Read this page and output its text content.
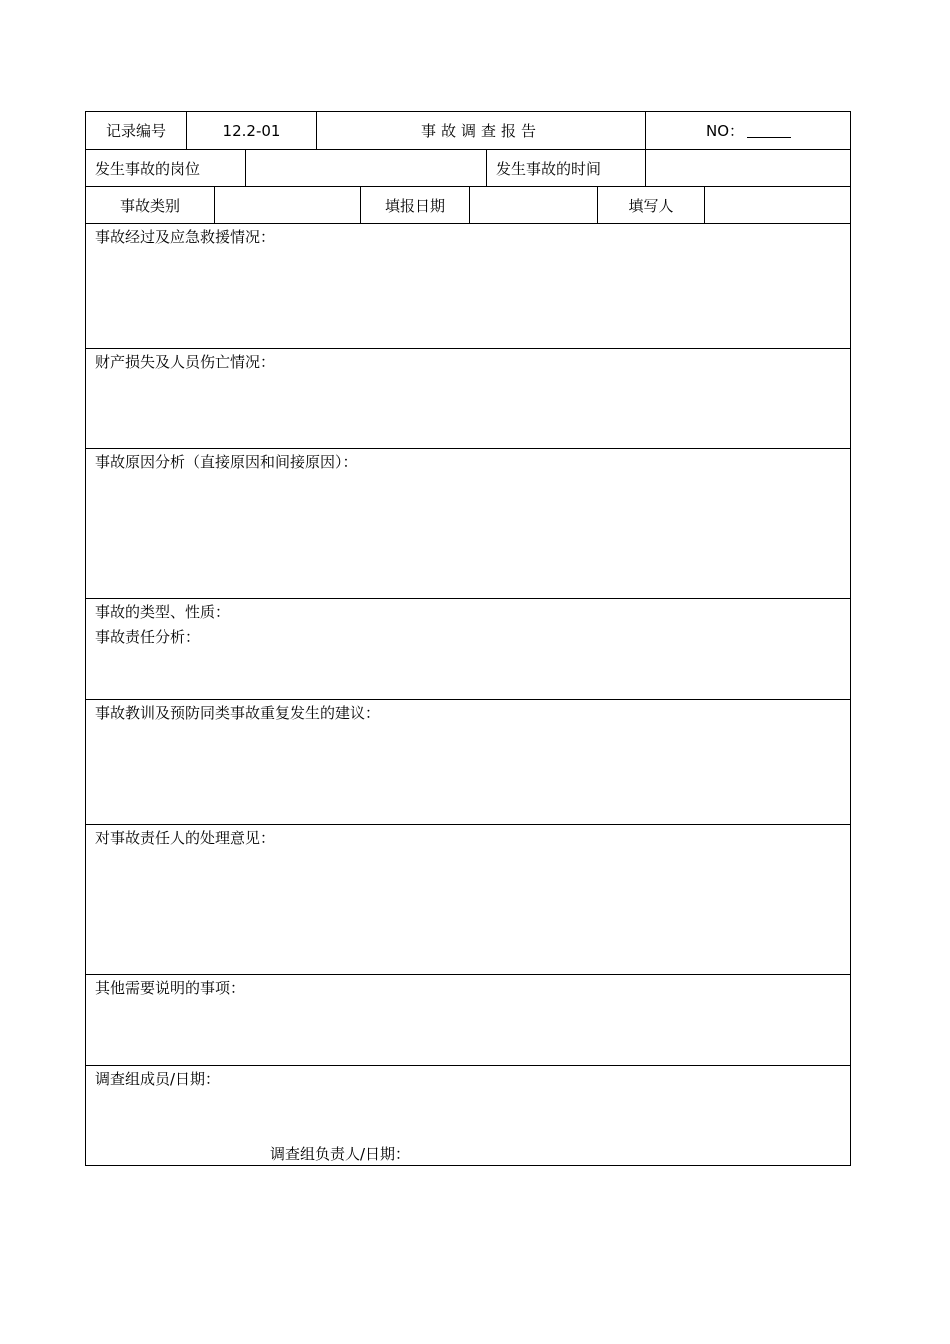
记录编号	12.2-01	事故调查报告	NO：
发生事故的岗位	发生事故的时间
事故类别	填报日期	填写人
事故经过及应急救援情况：
财产损失及人员伤亡情况：
事故原因分析（直接原因和间接原因）：
事故的类型、性质：
事故责任分析：
事故教训及预防同类事故重复发生的建议：
对事故责任人的处理意见：
其他需要说明的事项：
调查组成员/日期：
调查组负责人/日期：
